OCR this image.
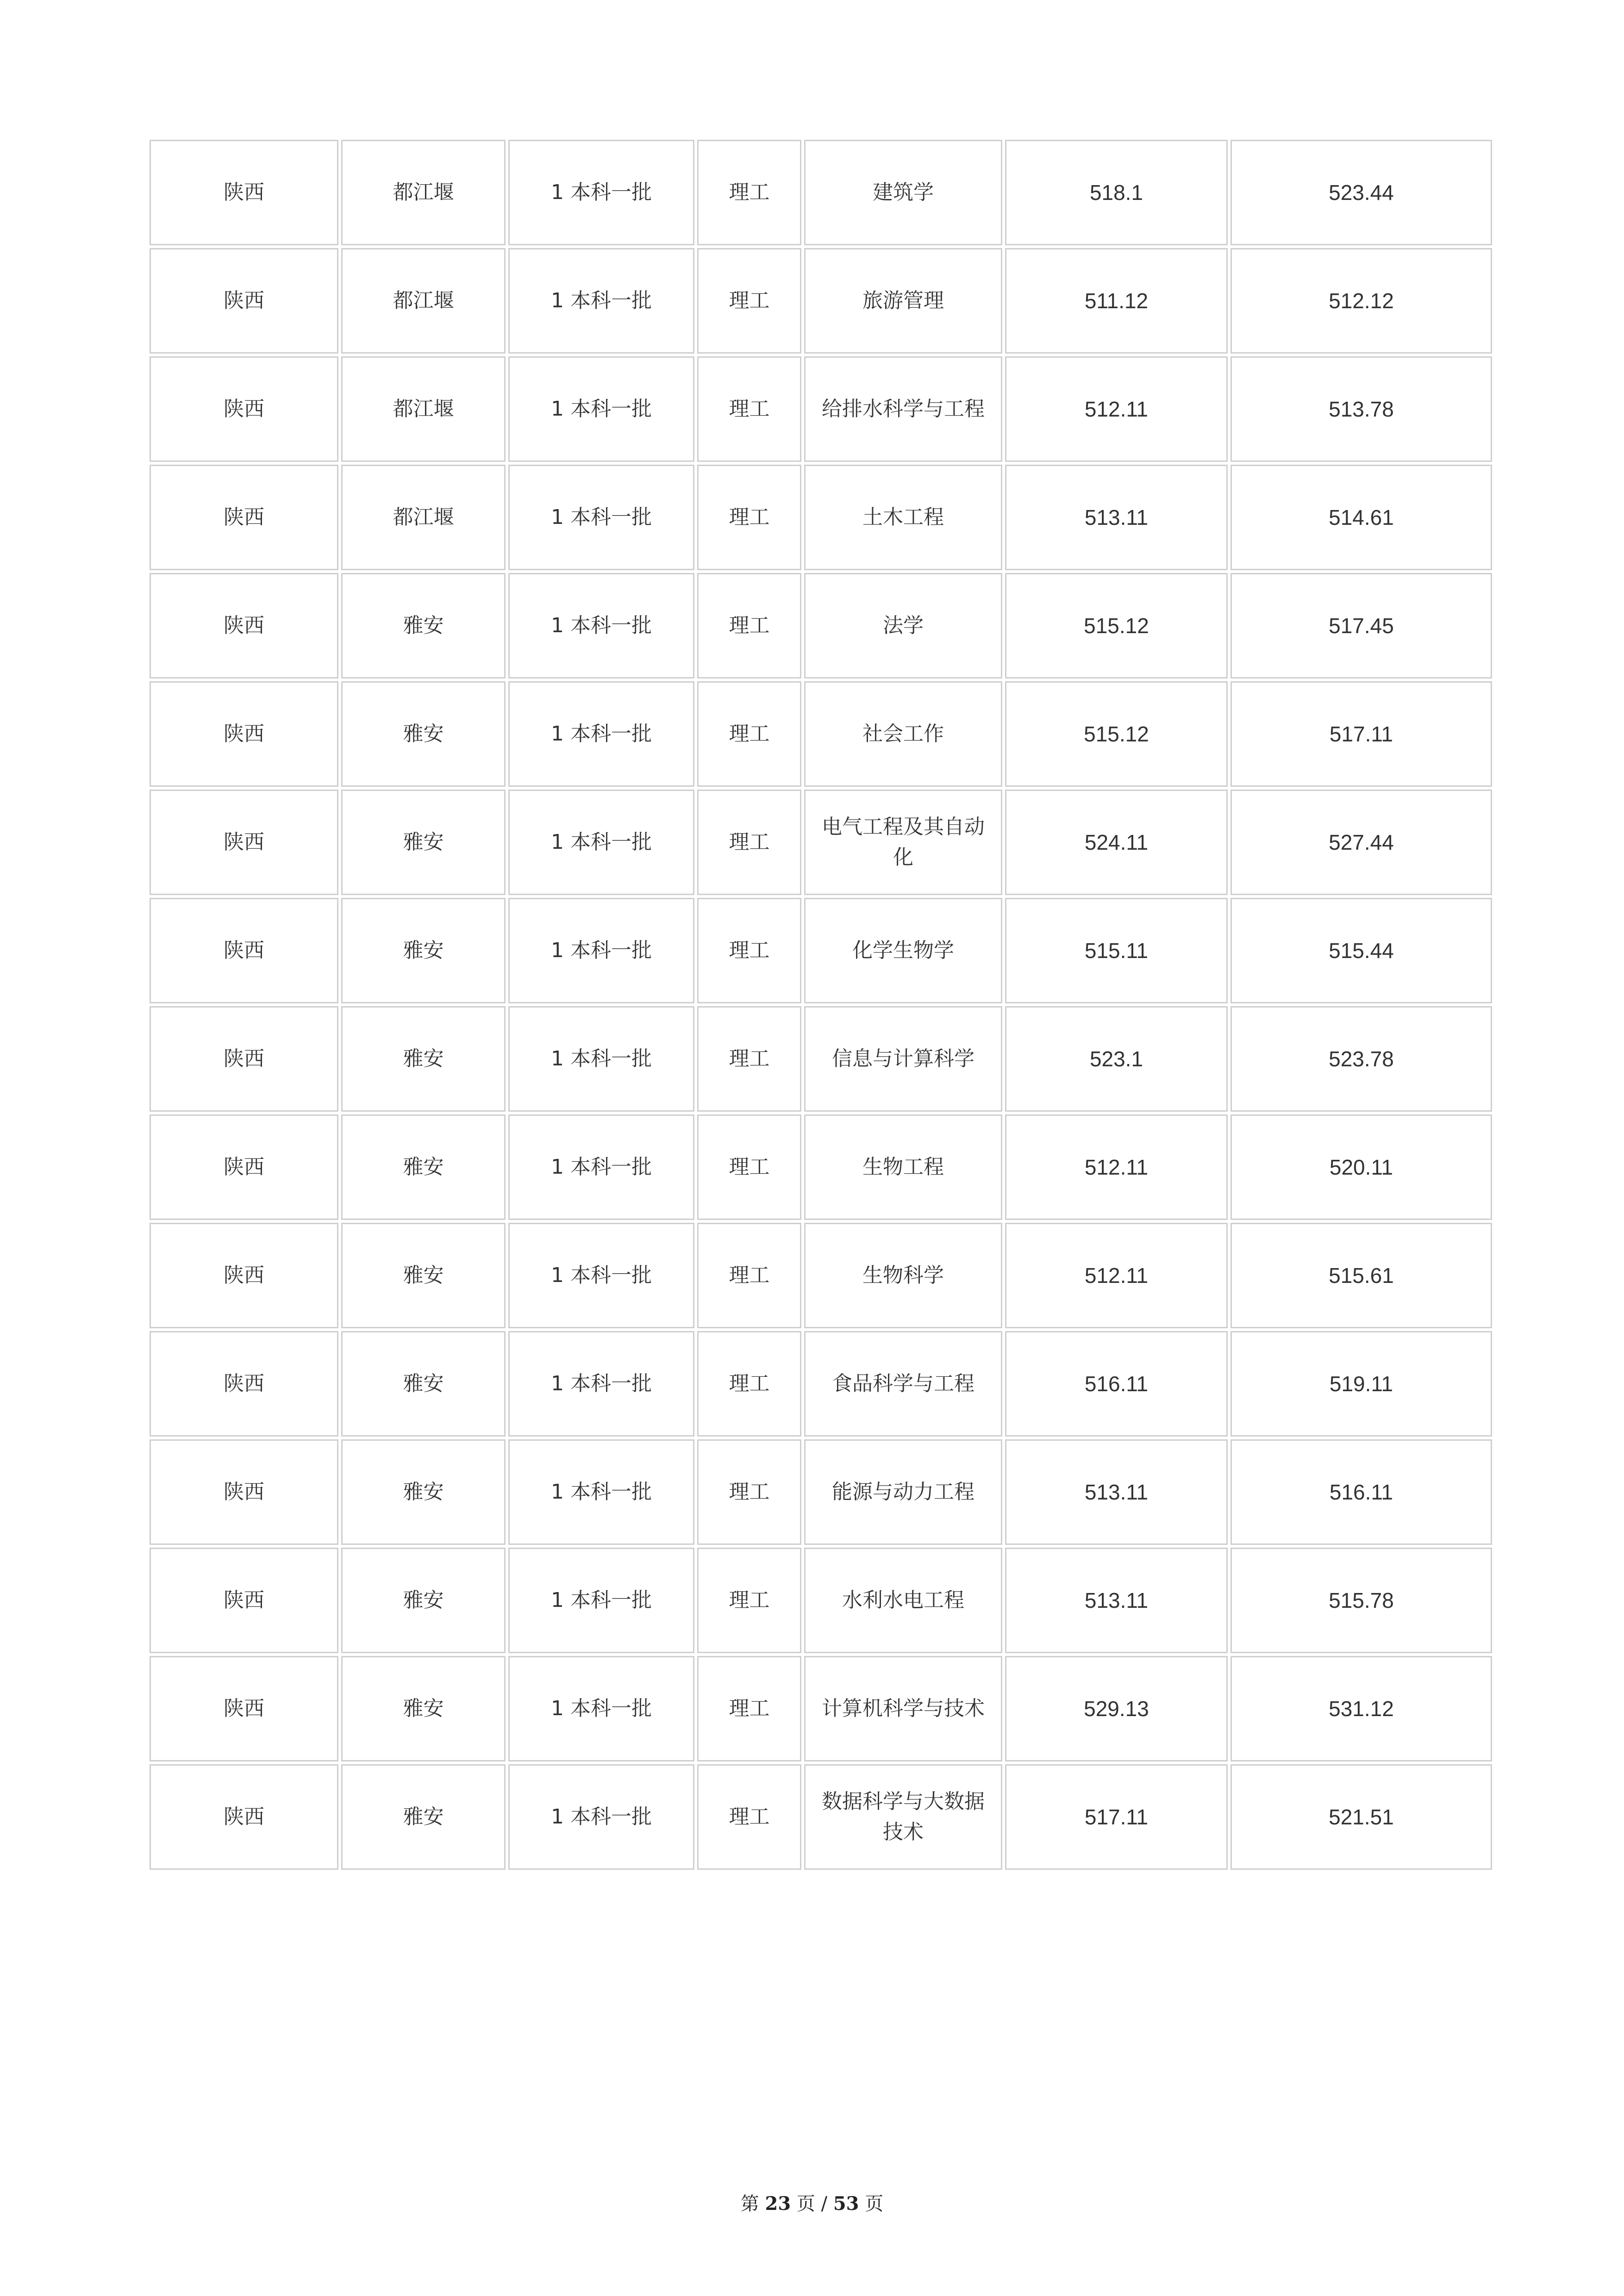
陕西	都江堰	1 本科一批	理工	建筑学	518.1	523.44
陕西	都江堰	1 本科一批	理工	旅游管理	511.12	512.12
陕西	都江堰	1 本科一批	理工	给排水科学与工程	512.11	513.78
陕西	都江堰	1 本科一批	理工	土木工程	513.11	514.61
陕西	雅安	1 本科一批	理工	法学	515.12	517.45
陕西	雅安	1 本科一批	理工	社会工作	515.12	517.11
陕西	雅安	1 本科一批	理工	电气工程及其自动化	524.11	527.44
陕西	雅安	1 本科一批	理工	化学生物学	515.11	515.44
陕西	雅安	1 本科一批	理工	信息与计算科学	523.1	523.78
陕西	雅安	1 本科一批	理工	生物工程	512.11	520.11
陕西	雅安	1 本科一批	理工	生物科学	512.11	515.61
陕西	雅安	1 本科一批	理工	食品科学与工程	516.11	519.11
陕西	雅安	1 本科一批	理工	能源与动力工程	513.11	516.11
陕西	雅安	1 本科一批	理工	水利水电工程	513.11	515.78
陕西	雅安	1 本科一批	理工	计算机科学与技术	529.13	531.12
陕西	雅安	1 本科一批	理工	数据科学与大数据技术	517.11	521.51
第 23 页 / 53 页
